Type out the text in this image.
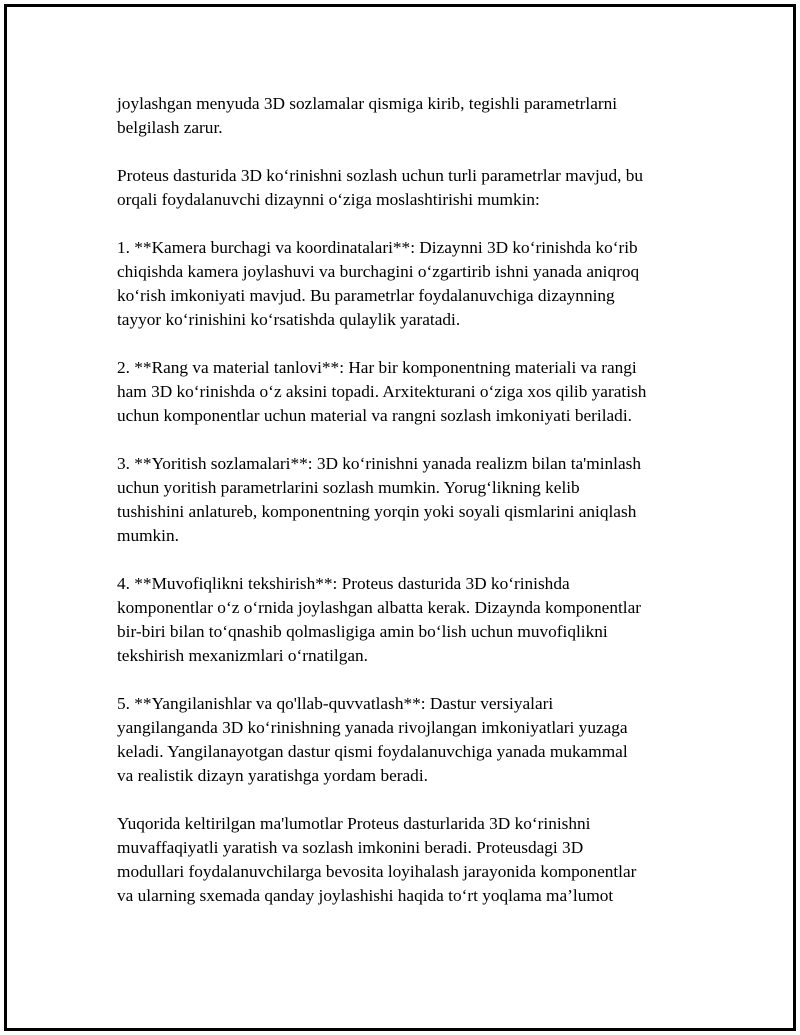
joylashgan menyuda 3D sozlamalar qismiga kirib, tegishli parametrlarni
belgilash zarur.

Proteus dasturida 3D ko‘rinishni sozlash uchun turli parametrlar mavjud, bu
orqali foydalanuvchi dizaynni o‘ziga moslashtirishi mumkin:

1. **Kamera burchagi va koordinatalari**: Dizaynni 3D ko‘rinishda ko‘rib
chiqishda kamera joylashuvi va burchagini o‘zgartirib ishni yanada aniqroq
ko‘rish imkoniyati mavjud. Bu parametrlar foydalanuvchiga dizaynning
tayyor ko‘rinishini ko‘rsatishda qulaylik yaratadi.

2. **Rang va material tanlovi**: Har bir komponentning materiali va rangi
ham 3D ko‘rinishda o‘z aksini topadi. Arxitekturani o‘ziga xos qilib yaratish
uchun komponentlar uchun material va rangni sozlash imkoniyati beriladi.

3. **Yoritish sozlamalari**: 3D ko‘rinishni yanada realizm bilan ta'minlash
uchun yoritish parametrlarini sozlash mumkin. Yorug‘likning kelib
tushishini anlatureb, komponentning yorqin yoki soyali qismlarini aniqlash
mumkin.

4. **Muvofiqlikni tekshirish**: Proteus dasturida 3D ko‘rinishda
komponentlar o‘z o‘rnida joylashgan albatta kerak. Dizaynda komponentlar
bir-biri bilan to‘qnashib qolmasligiga amin bo‘lish uchun muvofiqlikni
tekshirish mexanizmlari o‘rnatilgan.

5. **Yangilanishlar va qo'llab-quvvatlash**: Dastur versiyalari
yangilanganda 3D ko‘rinishning yanada rivojlangan imkoniyatlari yuzaga
keladi. Yangilanayotgan dastur qismi foydalanuvchiga yanada mukammal
va realistik dizayn yaratishga yordam beradi.

Yuqorida keltirilgan ma'lumotlar Proteus dasturlarida 3D ko‘rinishni
muvaffaqiyatli yaratish va sozlash imkonini beradi. Proteusdagi 3D
modullari foydalanuvchilarga bevosita loyihalash jarayonida komponentlar
va ularning sxemada qanday joylashishi haqida to‘rt yoqlama ma’lumot
